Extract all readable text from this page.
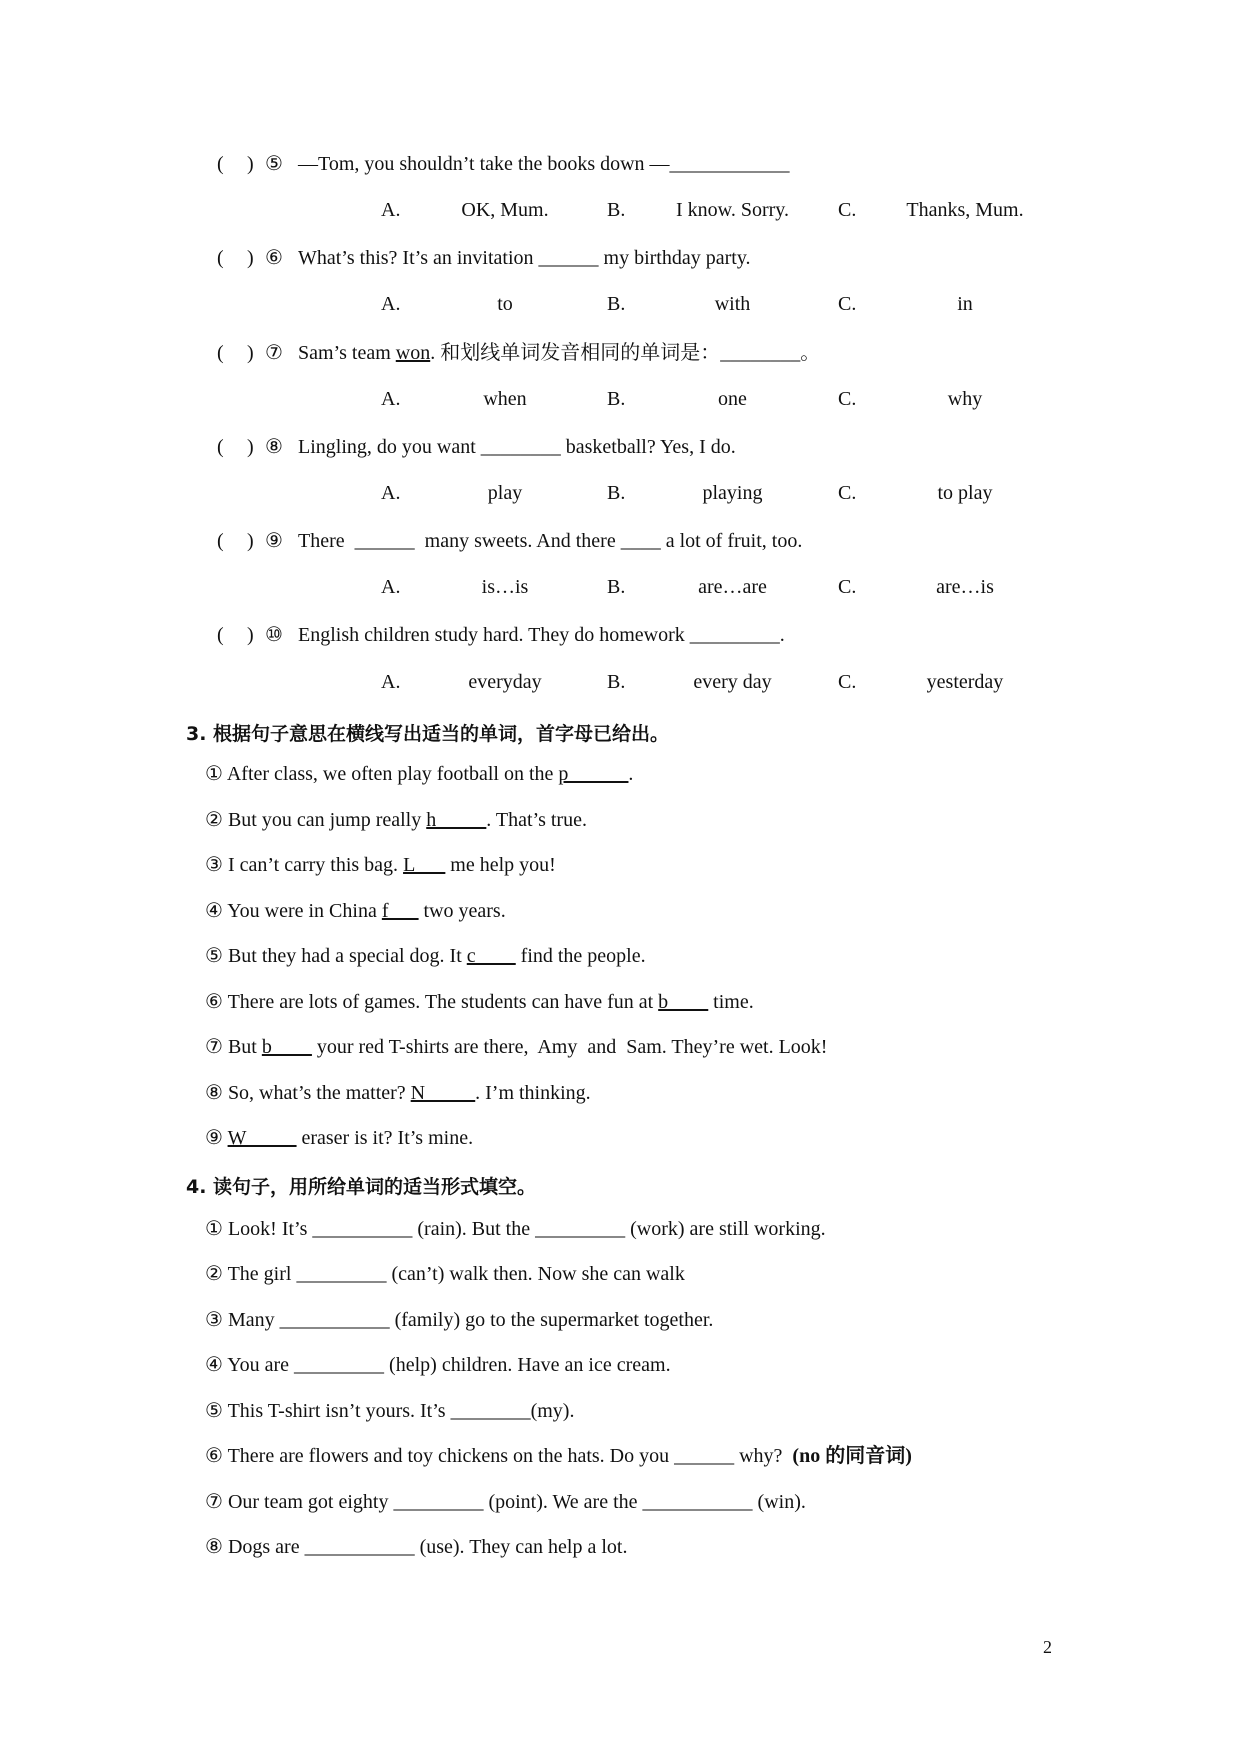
( ) ⑤ —Tom, you shouldn’t take the books down —____________
A.	OK, Mum.	B.	I know. Sorry.	C.	Thanks, Mum.
( ) ⑥ What’s this? It’s an invitation ______ my birthday party.
A.	to	B.	with	C.	in
( ) ⑦ Sam’s team won. 和划线单词发音相同的单词是：________。
A.	when	B.	one	C.	why
( ) ⑧ Lingling, do you want ________ basketball? Yes, I do.
A.	play	B.	playing	C.	to play
( ) ⑨ There  ______  many sweets. And there ____ a lot of fruit, too.
A.	is…is	B.	are…are	C.	are…is
( ) ⑩ English children study hard. They do homework _________.
A.	everyday	B.	every day	C.	yesterday
3. 根据句子意思在横线写出适当的单词，首字母已给出。
① After class, we often play football on the p______.
② But you can jump really h_____. That’s true.
③ I can’t carry this bag. L___ me help you!
④ You were in China f___ two years.
⑤ But they had a special dog. It c____ find the people.
⑥ There are lots of games. The students can have fun at b____ time.
⑦ But b____ your red T-shirts are there,  Amy  and  Sam. They’re wet. Look!
⑧ So, what’s the matter? N_____. I’m thinking.
⑨ W_____ eraser is it? It’s mine.
4. 读句子，用所给单词的适当形式填空。
① Look! It’s __________ (rain). But the _________ (work) are still working.
② The girl _________ (can’t) walk then. Now she can walk
③ Many ___________ (family) go to the supermarket together.
④ You are _________ (help) children. Have an ice cream.
⑤ This T-shirt isn’t yours. It’s ________(my).
⑥ There are flowers and toy chickens on the hats. Do you ______ why?  (no 的同音词)
⑦ Our team got eighty _________ (point). We are the ___________ (win).
⑧ Dogs are ___________ (use). They can help a lot.
2
